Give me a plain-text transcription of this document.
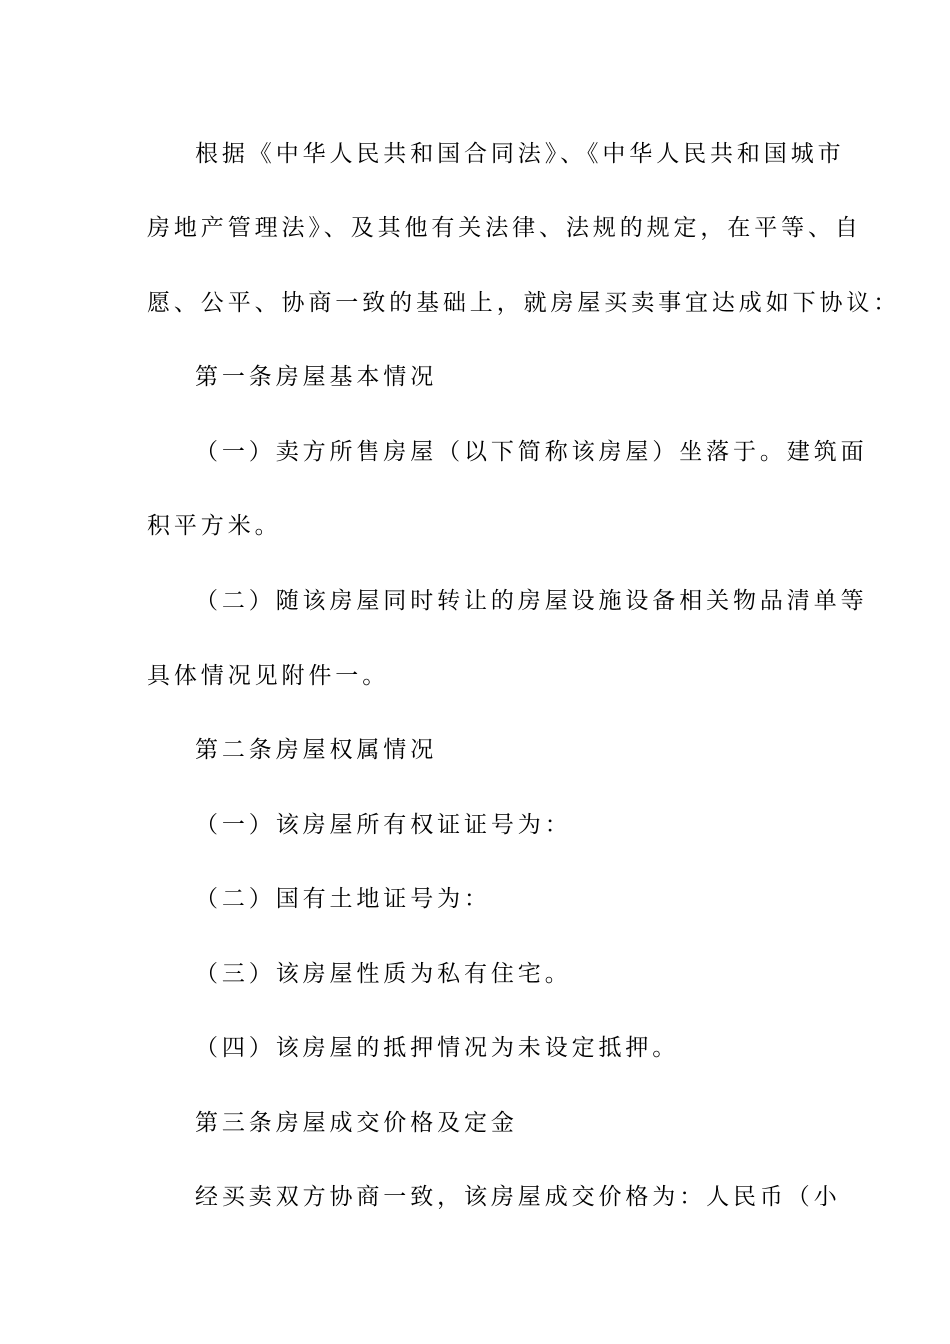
根据《中华人民共和国合同法》、《中华人民共和国城市
房地产管理法》、及其他有关法律、法规的规定，在平等、自
愿、公平、协商一致的基础上，就房屋买卖事宜达成如下协议：
第一条房屋基本情况
（一）卖方所售房屋（以下简称该房屋）坐落于。建筑面
积平方米。
（二）随该房屋同时转让的房屋设施设备相关物品清单等
具体情况见附件一。
第二条房屋权属情况
（一）该房屋所有权证证号为：
（二）国有土地证号为：
（三）该房屋性质为私有住宅。
（四）该房屋的抵押情况为未设定抵押。
第三条房屋成交价格及定金
经买卖双方协商一致，该房屋成交价格为：人民币（小
